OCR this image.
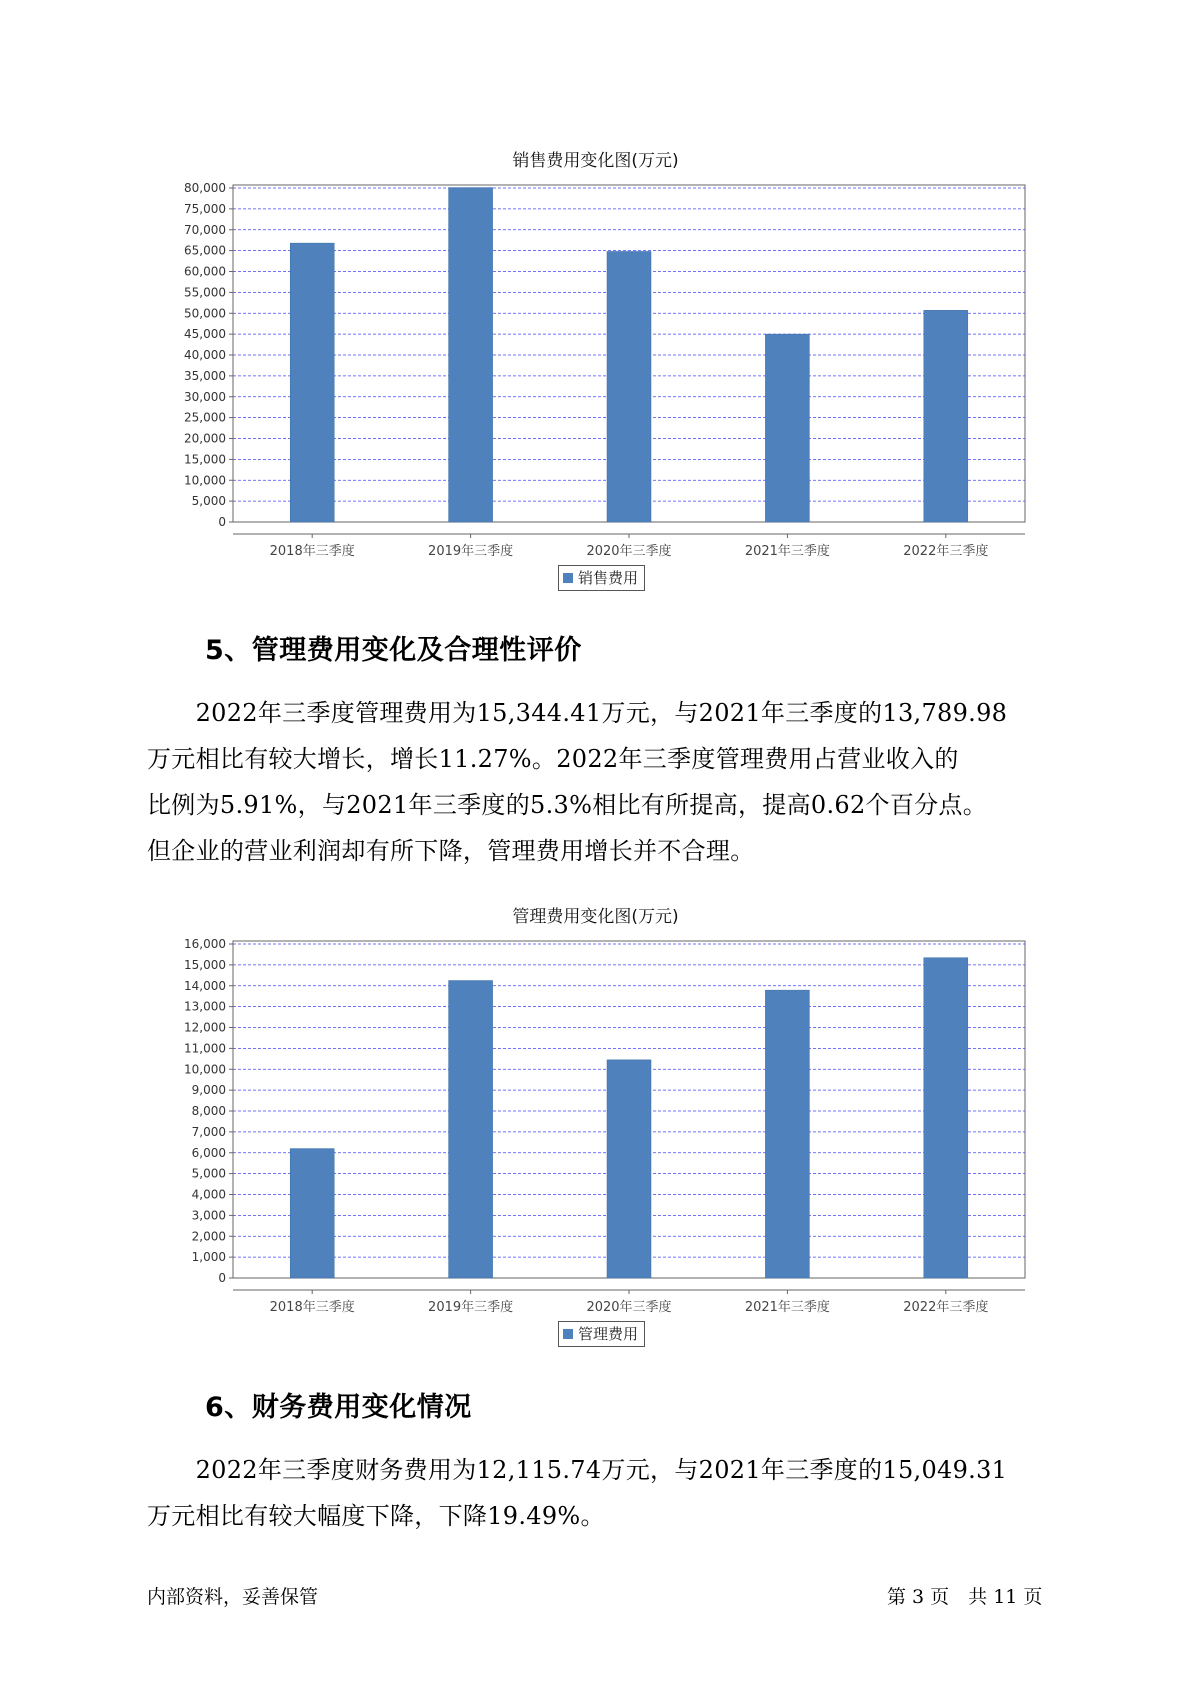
销售费用变化图(万元)
0
5,000
10,000
15,000
20,000
25,000
30,000
35,000
40,000
45,000
50,000
55,000
60,000
65,000
70,000
75,000
80,000
2018年三季度	2019年三季度	2020年三季度	2021年三季度	2022年三季度
销售费用
5、管理费用变化及合理性评价
　　2022年三季度管理费用为15,344.41万元，与2021年三季度的13,789.98
万元相比有较大增长，增长11.27%。2022年三季度管理费用占营业收入的
比例为5.91%，与2021年三季度的5.3%相比有所提高，提高0.62个百分点。
但企业的营业利润却有所下降，管理费用增长并不合理。
管理费用变化图(万元)
0
1,000
2,000
3,000
4,000
5,000
6,000
7,000
8,000
9,000
10,000
11,000
12,000
13,000
14,000
15,000
16,000
2018年三季度	2019年三季度	2020年三季度	2021年三季度	2022年三季度
管理费用
6、财务费用变化情况
　　2022年三季度财务费用为12,115.74万元，与2021年三季度的15,049.31
万元相比有较大幅度下降，下降19.49%。
内部资料，妥善保管	第 3 页　共 11 页
